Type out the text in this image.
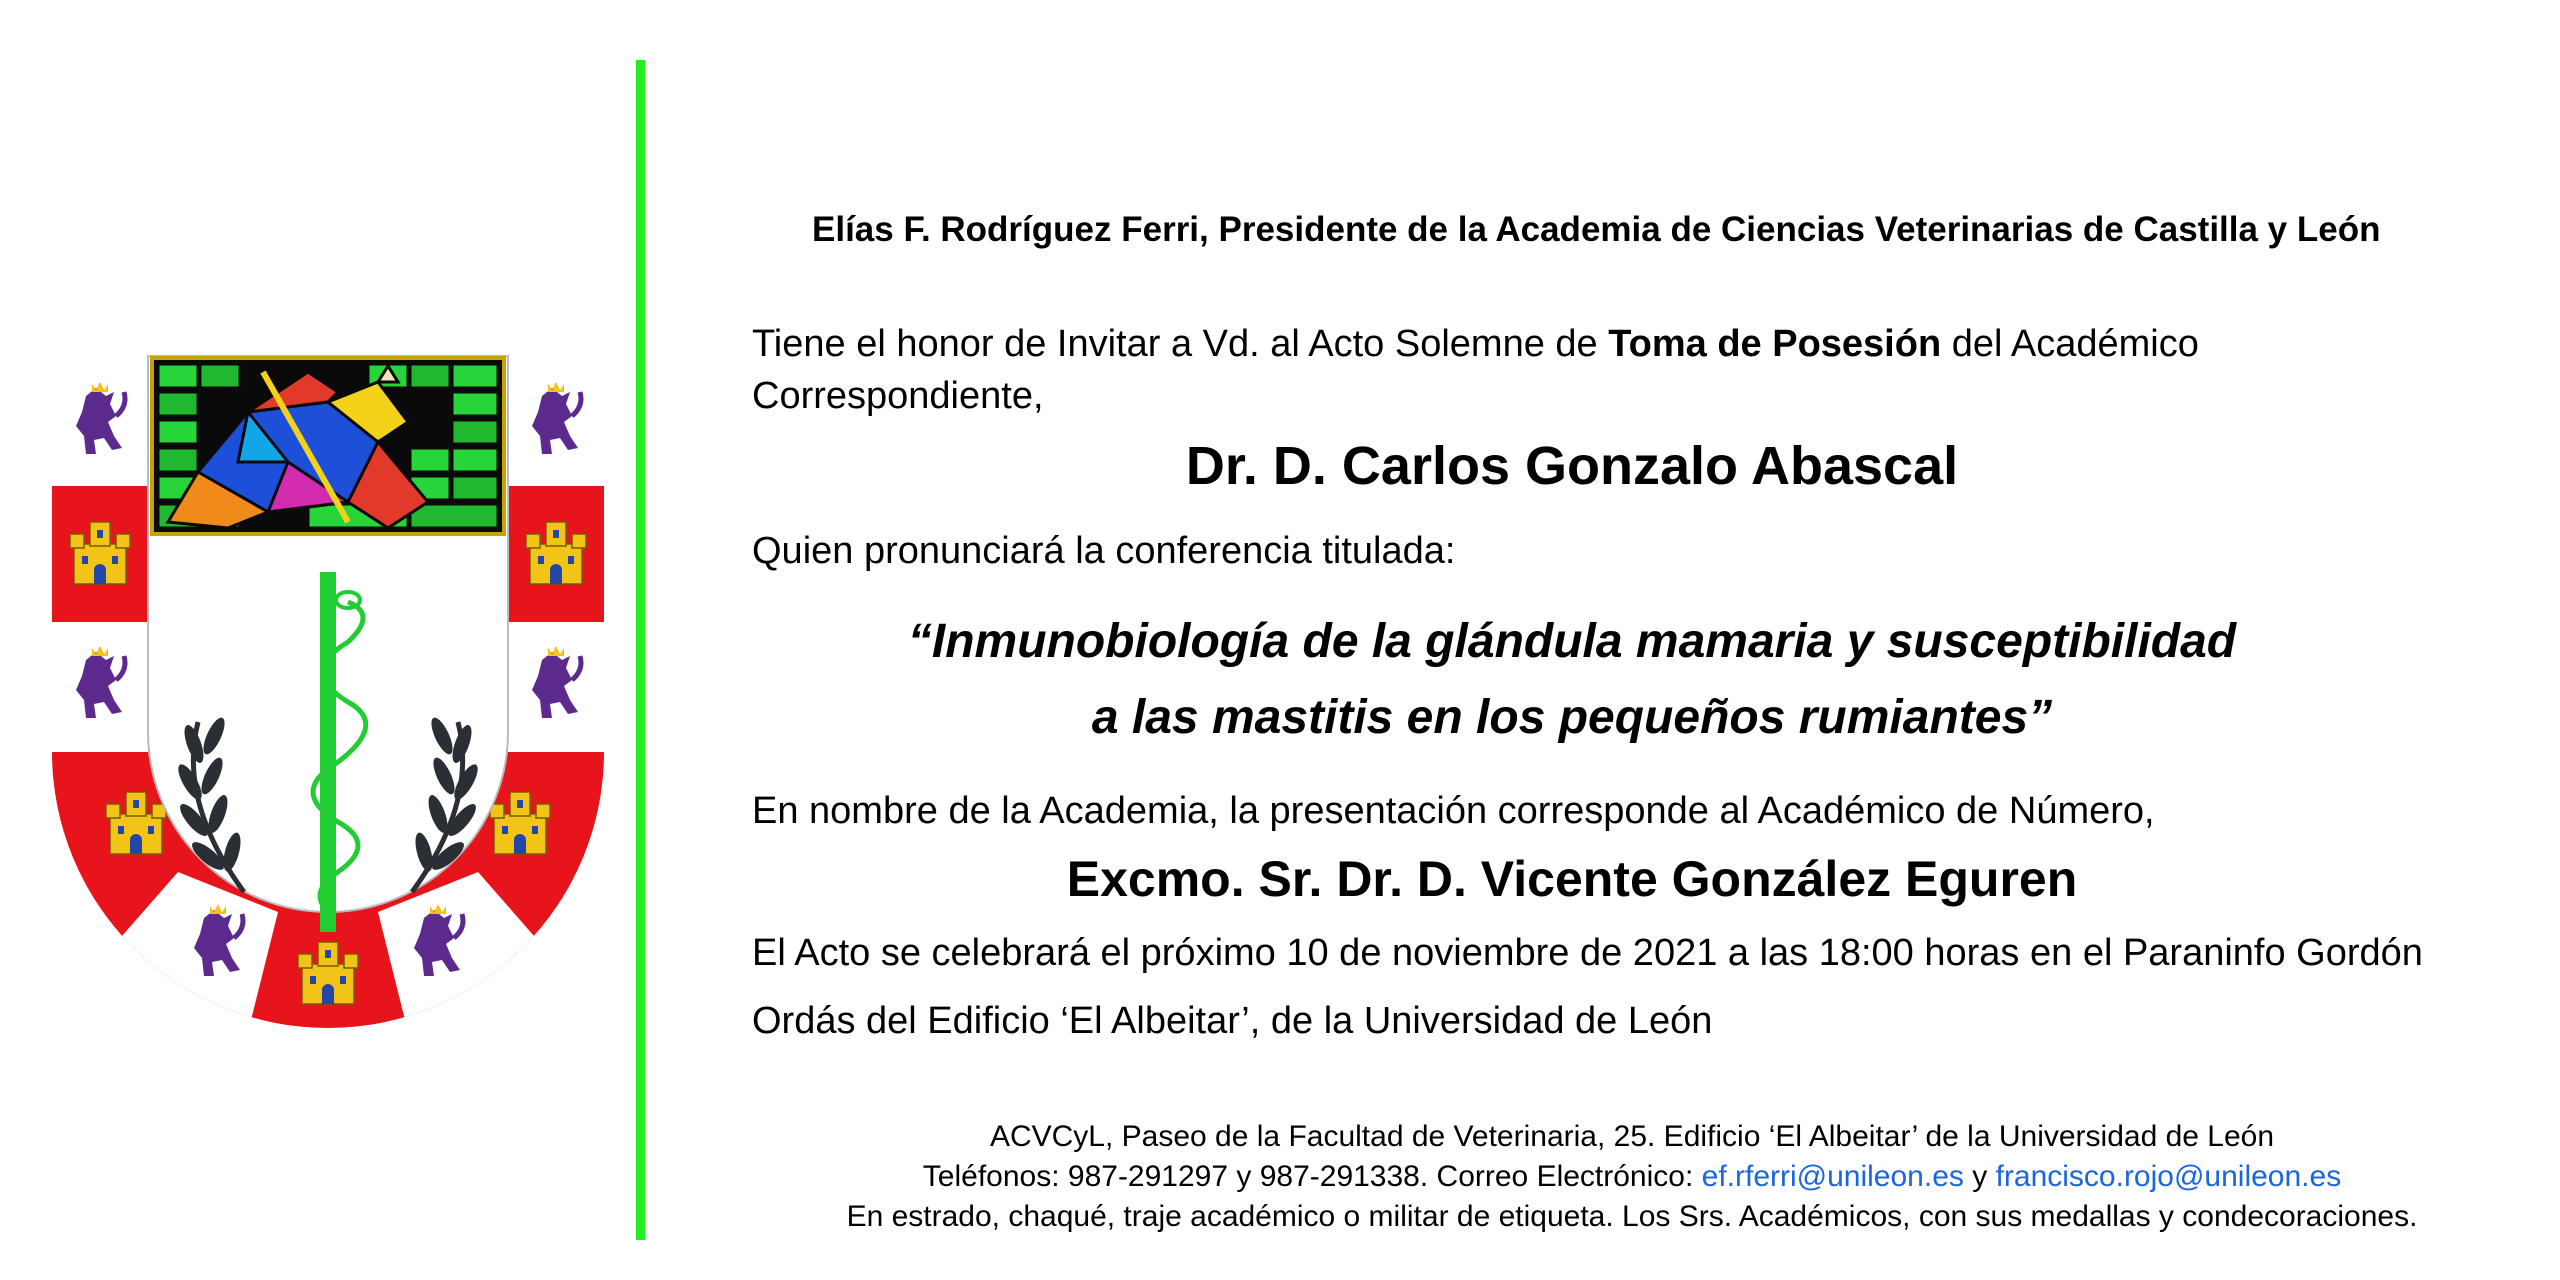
Elías F. Rodríguez Ferri, Presidente de la Academia de Ciencias Veterinarias de Castilla y León
Tiene el honor de Invitar a Vd. al Acto Solemne de Toma de Posesión del Académico
Correspondiente,
Dr. D. Carlos Gonzalo Abascal
Quien pronunciará la conferencia titulada:
“Inmunobiología de la glándula mamaria y susceptibilidad
a las mastitis en los pequeños rumiantes”
En nombre de la Academia, la presentación corresponde al Académico de Número,
Excmo. Sr. Dr. D. Vicente González Eguren
El Acto se celebrará el próximo 10 de noviembre de 2021 a las 18:00 horas en el Paraninfo Gordón
Ordás del Edificio ‘El Albeitar’, de la Universidad de León
ACVCyL, Paseo de la Facultad de Veterinaria, 25. Edificio ‘El Albeitar’ de la Universidad de León
Teléfonos: 987-291297 y 987-291338. Correo Electrónico: ef.rferri@unileon.es y francisco.rojo@unileon.es
En estrado, chaqué, traje académico o militar de etiqueta. Los Srs. Académicos, con sus medallas y condecoraciones.
